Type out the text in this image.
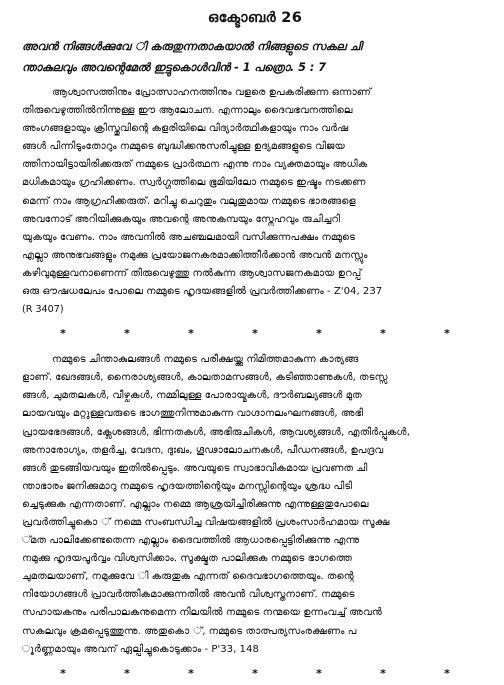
ഒക്ടോബർ 26
അവൻ നിങ്ങൾക്കുവേ ി കരുതുന്നതാകയാൽ നിങ്ങളുടെ സകല ചി
ന്താകുലവും അവന്റെമേൽ ഇട്ടുകൊൾവിൻ - 1 പത്രൊ. 5 : 7
ആശ്വാസത്തിനും പ്രോത്സാഹനത്തിനും വളരെ ഉപകരിക്കുന്ന ഒന്നാണ്
തിരുവെഴുത്തിൽനിന്നുള്ള ഈ ആലോചന. എന്നാലും ദൈവഭവനത്തിലെ
അംഗങ്ങളായും ക്രിസ്തുവിന്റെ കളരിയിലെ വിദ്യാർത്ഥികളായും നാം വർഷ
ങ്ങൾ പിന്നിടുംതോറും നമ്മുടെ ബുദ്ധിക്കനുസരിച്ചുള്ള ഉദ്യമങ്ങളുടെ വിജയ
ത്തിനായിട്ടായിരിക്കരുത് നമ്മുടെ പ്രാർത്ഥന എന്നു നാം വ്യക്തമായും അധിക
മധികമായും ഗ്രഹിക്കണം. സ്വർഗ്ഗത്തിലെ ഭൂമിയിലോ നമ്മുടെ ഇഷ്ടം നടക്കണ
മെന്ന് നാം ആഗ്രഹിക്കരുത്. മറിച്ചു ചെറുതും വലുതുമായ നമ്മുടെ ഭാരങ്ങളെ
അവനോട് അറിയിക്കുകയും അവന്റെ അനുകമ്പയും സ്നേഹവും രുചിച്ചറി
യുകയും വേണം. നാം അവനിൽ അചഞ്ചലമായി വസിക്കുന്നപക്ഷം നമ്മുടെ
എല്ലാ അനുഭവങ്ങളും നമുക്കു പ്രയോജനകരമാക്കിത്തീർക്കാൻ അവൻ മനസ്സും
കഴിവുമുള്ളവനാണെന്ന് തിരുവെഴുത്തു നൽകുന്ന ആശ്വാസജനകമായ ഉറപ്പ്
ഒരു ഔഷധലേപം പോലെ നമ്മുടെ ഹൃദയങ്ങളിൽ പ്രവർത്തിക്കണം - Z'04, 237
(R 3407)
*	*	*	*	*	*	*
നമ്മുടെ ചിന്താകുലങ്ങൾ നമ്മുടെ പരീക്ഷയ്ക്കു നിമിത്തമാകുന്ന കാര്യങ്ങ
ളാണ്. ഖേദങ്ങൾ, നൈരാശ്യങ്ങൾ, കാലതാമസങ്ങൾ, കടിഞ്ഞാണുകൾ, തടസ്സ
ങ്ങൾ, ചുമതലകൾ, വീഴ്ചകൾ, നമ്മിലുള്ള പോരായ്മകൾ, ദൗർബല്യങ്ങൾ മുത
ലായവയും മറ്റുള്ളവരുടെ ഭാഗത്തുനിന്നുമാകുന്ന വാഗ്ദാനലംഘനങ്ങൾ, അഭി
പ്രായഭേദങ്ങൾ, ക്ലേശങ്ങൾ, ഭിന്നതകൾ, അഭിരുചികൾ, ആവശ്യങ്ങൾ, എതിർപ്പുകൾ,
അനാരോഗ്യം, തളർച്ച, വേദന, ദുഃഖം, ഗൂഢാലോചനകൾ, പീഡനങ്ങൾ, ഉപദ്രവ
ങ്ങൾ തുടങ്ങിയവയും ഇതിൽപ്പെടും. അവയുടെ സ്വാഭാവികമായ പ്രവണത ചി
ന്താഭാരം ജനിക്കുമാറു നമ്മുടെ ഹൃദയത്തിന്റെയും മനസ്സിന്റെയും ശ്രദ്ധ പിടി
ച്ചെടുക്കുക എന്നതാണ്. എല്ലാം നമ്മെ ആശ്രയിച്ചിരിക്കുന്നു എന്നുള്ളതുപോലെ
പ്രവർത്തിച്ചുകൊ ് നമ്മെ സംബന്ധിച്ച വിഷയങ്ങളിൽ പ്രശംസാർഹമായ സൂക്ഷ
്മത പാലിക്കേണ്ടതെന്ന എല്ലാം ദൈവത്തിൽ ആധാരപ്പെട്ടിരിക്കുന്നു എന്നു
നമുക്കു ഹൃദയപൂർവ്വം വിശ്വസിക്കാം. സൂക്ഷ്മത പാലിക്കുക നമ്മുടെ ഭാഗത്തെ
ചുമതലയാണ്, നമുക്കുവേ ി കരുതുക എന്നത് ദൈവഭാഗത്തെയും. തന്റെ
നിയോഗങ്ങൾ പ്രാവർത്തികമാക്കുന്നതിൽ അവൻ വിശ്വസ്തനാണ്. നമ്മുടെ
സഹായകനും പരിപാലകനുമെന്ന നിലയിൽ നമ്മുടെ നന്മയെ ഉന്നംവച്ച് അവൻ
സകലവും ക്രമപ്പെടുത്തുന്നു. അതുകൊ ്, നമ്മുടെ താത്പര്യസംരക്ഷണം പ
ൂർണ്ണമായും അവന് ഏല്പിച്ചുകൊടുക്കാം - P'33, 148
*	*	*	*	*	*	*
